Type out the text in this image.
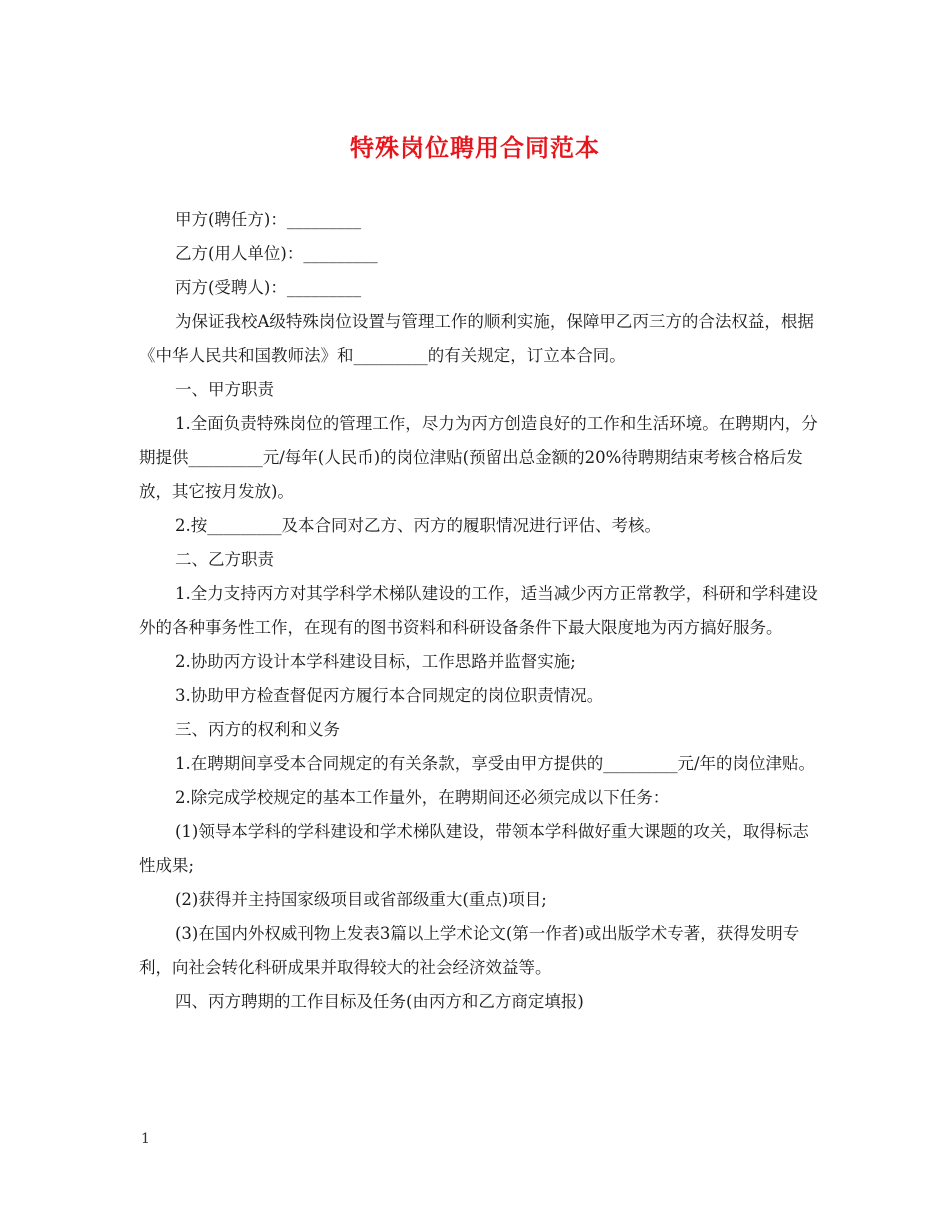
特殊岗位聘用合同范本

甲方(聘任方)：_________

乙方(用人单位)：_________

丙方(受聘人)：_________

为保证我校A级特殊岗位设置与管理工作的顺利实施，保障甲乙丙三方的合法权益，根据《中华人民共和国教师法》和_________的有关规定，订立本合同。

一、甲方职责

1.全面负责特殊岗位的管理工作，尽力为丙方创造良好的工作和生活环境。在聘期内，分期提供_________元/每年(人民币)的岗位津贴(预留出总金额的20%待聘期结束考核合格后发放，其它按月发放)。

2.按_________及本合同对乙方、丙方的履职情况进行评估、考核。

二、乙方职责

1.全力支持丙方对其学科学术梯队建设的工作，适当减少丙方正常教学，科研和学科建设外的各种事务性工作，在现有的图书资料和科研设备条件下最大限度地为丙方搞好服务。

2.协助丙方设计本学科建设目标，工作思路并监督实施;

3.协助甲方检查督促丙方履行本合同规定的岗位职责情况。

三、丙方的权利和义务

1.在聘期间享受本合同规定的有关条款，享受由甲方提供的_________元/年的岗位津贴。

2.除完成学校规定的基本工作量外，在聘期间还必须完成以下任务：

(1)领导本学科的学科建设和学术梯队建设，带领本学科做好重大课题的攻关，取得标志性成果;

(2)获得并主持国家级项目或省部级重大(重点)项目;

(3)在国内外权威刊物上发表3篇以上学术论文(第一作者)或出版学术专著，获得发明专利，向社会转化科研成果并取得较大的社会经济效益等。

四、丙方聘期的工作目标及任务(由丙方和乙方商定填报)

1
